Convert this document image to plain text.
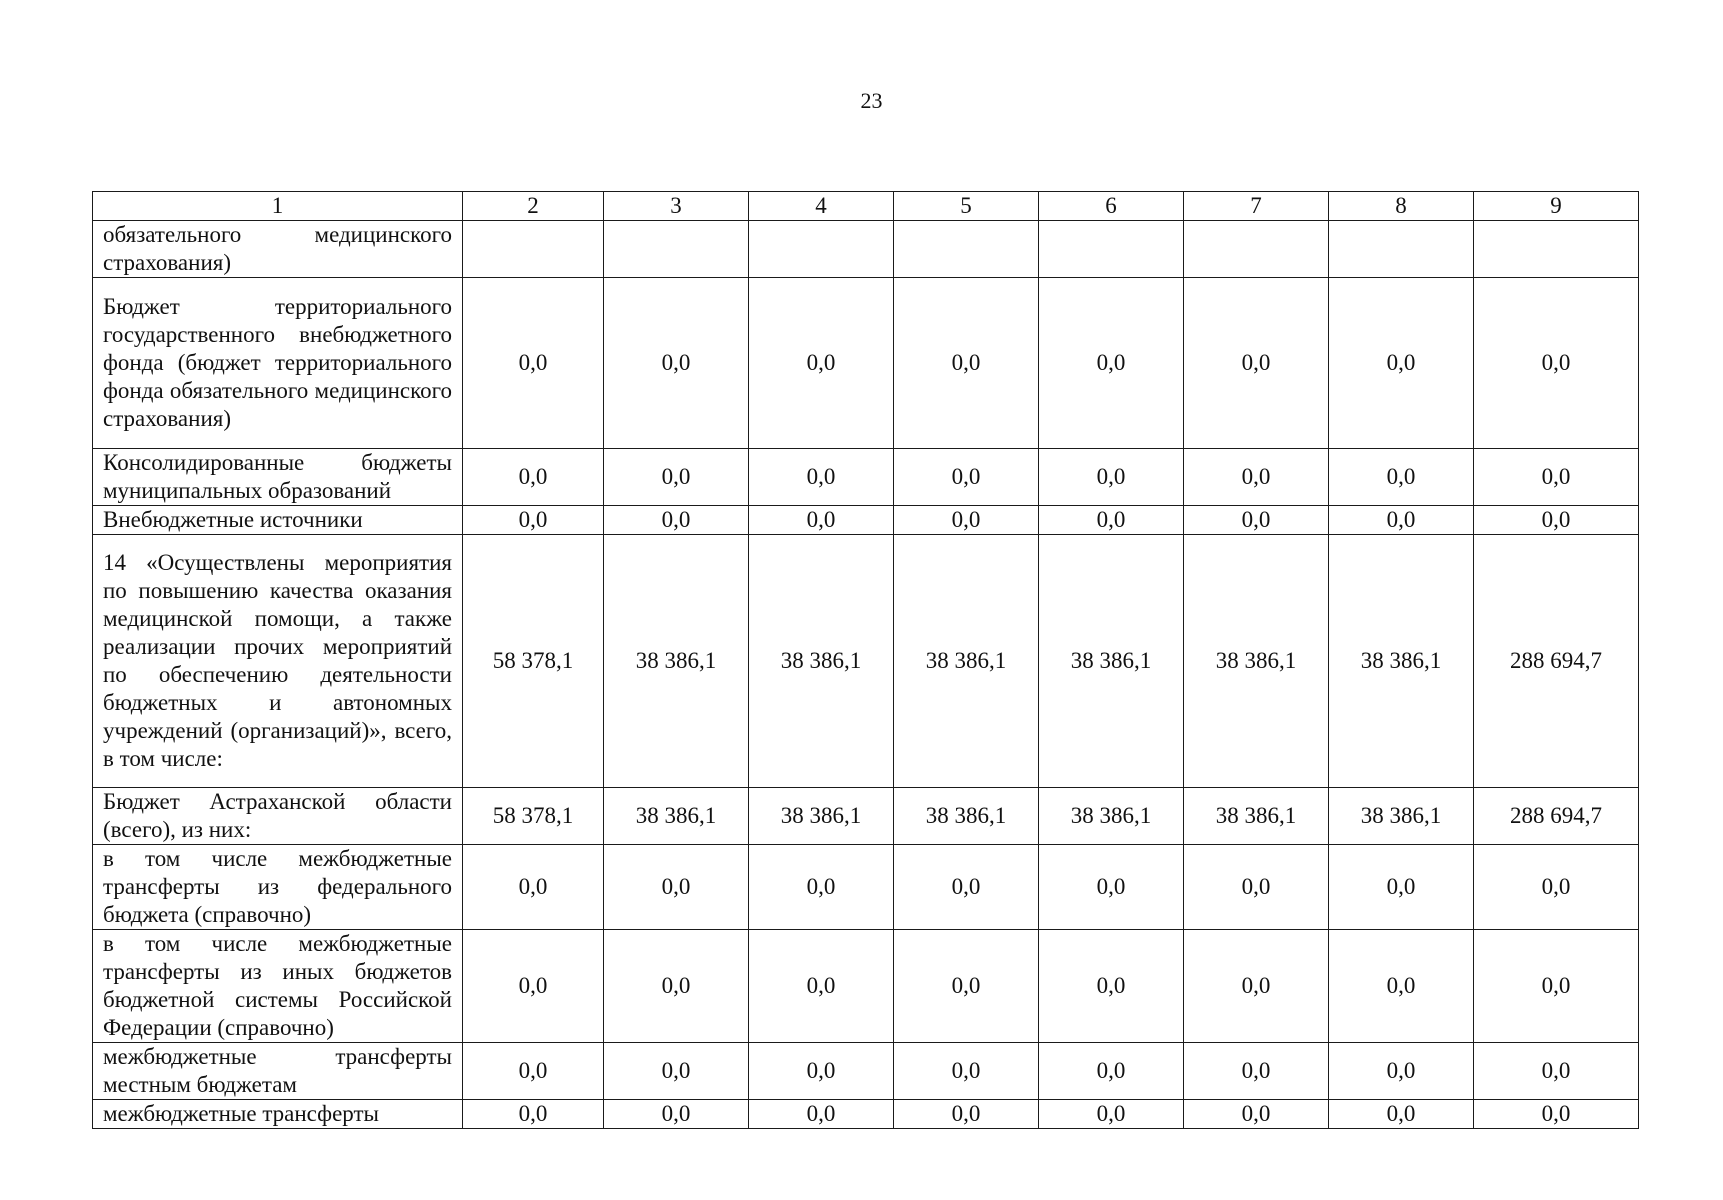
23
1	2	3	4	5	6	7	8	9
обязательного медицинского страхования)								
Бюджет территориального государственного внебюджетного фонда (бюджет территориального фонда обязательного медицинского страхования)	0,0	0,0	0,0	0,0	0,0	0,0	0,0	0,0
Консолидированные бюджеты муниципальных образований	0,0	0,0	0,0	0,0	0,0	0,0	0,0	0,0
Внебюджетные источники	0,0	0,0	0,0	0,0	0,0	0,0	0,0	0,0
14 «Осуществлены мероприятия по повышению качества оказания медицинской помощи, а также реализации прочих мероприятий по обеспечению деятельности бюджетных и автономных учреждений (организаций)», всего, в том числе:	58 378,1	38 386,1	38 386,1	38 386,1	38 386,1	38 386,1	38 386,1	288 694,7
Бюджет Астраханской области (всего), из них:	58 378,1	38 386,1	38 386,1	38 386,1	38 386,1	38 386,1	38 386,1	288 694,7
в том числе межбюджетные трансферты из федерального бюджета (справочно)	0,0	0,0	0,0	0,0	0,0	0,0	0,0	0,0
в том числе межбюджетные трансферты из иных бюджетов бюджетной системы Российской Федерации (справочно)	0,0	0,0	0,0	0,0	0,0	0,0	0,0	0,0
межбюджетные трансферты местным бюджетам	0,0	0,0	0,0	0,0	0,0	0,0	0,0	0,0
межбюджетные трансферты	0,0	0,0	0,0	0,0	0,0	0,0	0,0	0,0
